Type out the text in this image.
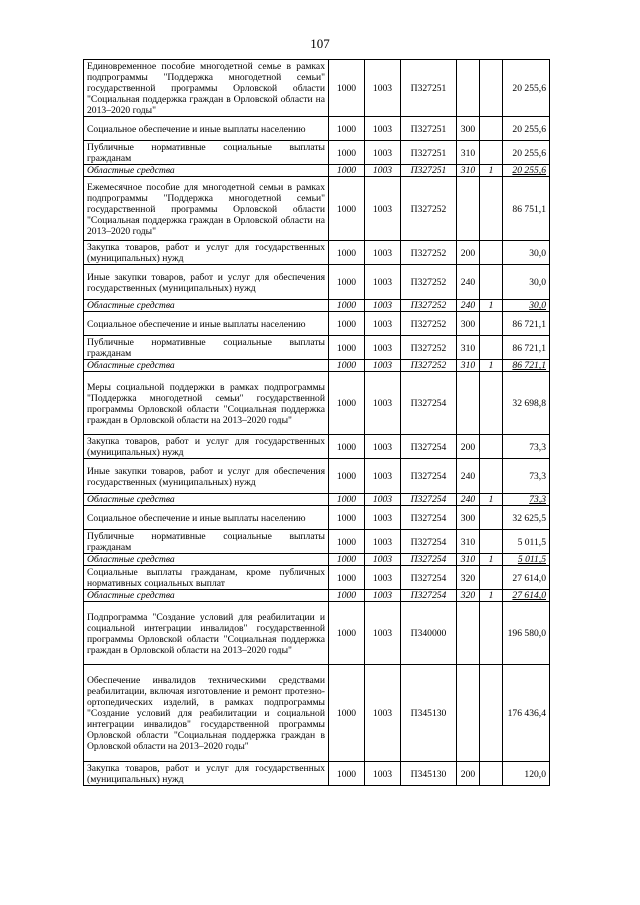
107
Единовременное пособие многодетной семье в рамках подпрограммы "Поддержка многодетной семьи" государственной программы Орловской области "Социальная поддержка граждан в Орловской области на 2013–2020 годы"	1000	1003	П327251			20 255,6
Социальное обеспечение и иные выплаты населению	1000	1003	П327251	300		20 255,6
Публичные нормативные социальные выплаты гражданам	1000	1003	П327251	310		20 255,6
Областные средства	1000	1003	П327251	310	1	20 255,6
Ежемесячное пособие для многодетной семьи в рамках подпрограммы "Поддержка многодетной семьи" государственной программы Орловской области "Социальная поддержка граждан в Орловской области на 2013–2020 годы"	1000	1003	П327252			86 751,1
Закупка товаров, работ и услуг для государственных (муниципальных) нужд	1000	1003	П327252	200		30,0
Иные закупки товаров, работ и услуг для обеспечения государственных (муниципальных) нужд	1000	1003	П327252	240		30,0
Областные средства	1000	1003	П327252	240	1	30,0
Социальное обеспечение и иные выплаты населению	1000	1003	П327252	300		86 721,1
Публичные нормативные социальные выплаты гражданам	1000	1003	П327252	310		86 721,1
Областные средства	1000	1003	П327252	310	1	86 721,1
Меры социальной поддержки в рамках подпрограммы "Поддержка многодетной семьи" государственной программы Орловской области "Социальная поддержка граждан в Орловской области на 2013–2020 годы"	1000	1003	П327254			32 698,8
Закупка товаров, работ и услуг для государственных (муниципальных) нужд	1000	1003	П327254	200		73,3
Иные закупки товаров, работ и услуг для обеспечения государственных (муниципальных) нужд	1000	1003	П327254	240		73,3
Областные средства	1000	1003	П327254	240	1	73,3
Социальное обеспечение и иные выплаты населению	1000	1003	П327254	300		32 625,5
Публичные нормативные социальные выплаты гражданам	1000	1003	П327254	310		5 011,5
Областные средства	1000	1003	П327254	310	1	5 011,5
Социальные выплаты гражданам, кроме публичных нормативных социальных выплат	1000	1003	П327254	320		27 614,0
Областные средства	1000	1003	П327254	320	1	27 614,0
Подпрограмма "Создание условий для реабилитации и социальной интеграции инвалидов" государственной программы Орловской области "Социальная поддержка граждан в Орловской области на 2013–2020 годы"	1000	1003	П340000			196 580,0
Обеспечение инвалидов техническими средствами реабилитации, включая изготовление и ремонт протезно-ортопедических изделий, в рамках подпрограммы "Создание условий для реабилитации и социальной интеграции инвалидов" государственной программы Орловской области "Социальная поддержка граждан в Орловской области на 2013–2020 годы"	1000	1003	П345130			176 436,4
Закупка товаров, работ и услуг для государственных (муниципальных) нужд	1000	1003	П345130	200		120,0
